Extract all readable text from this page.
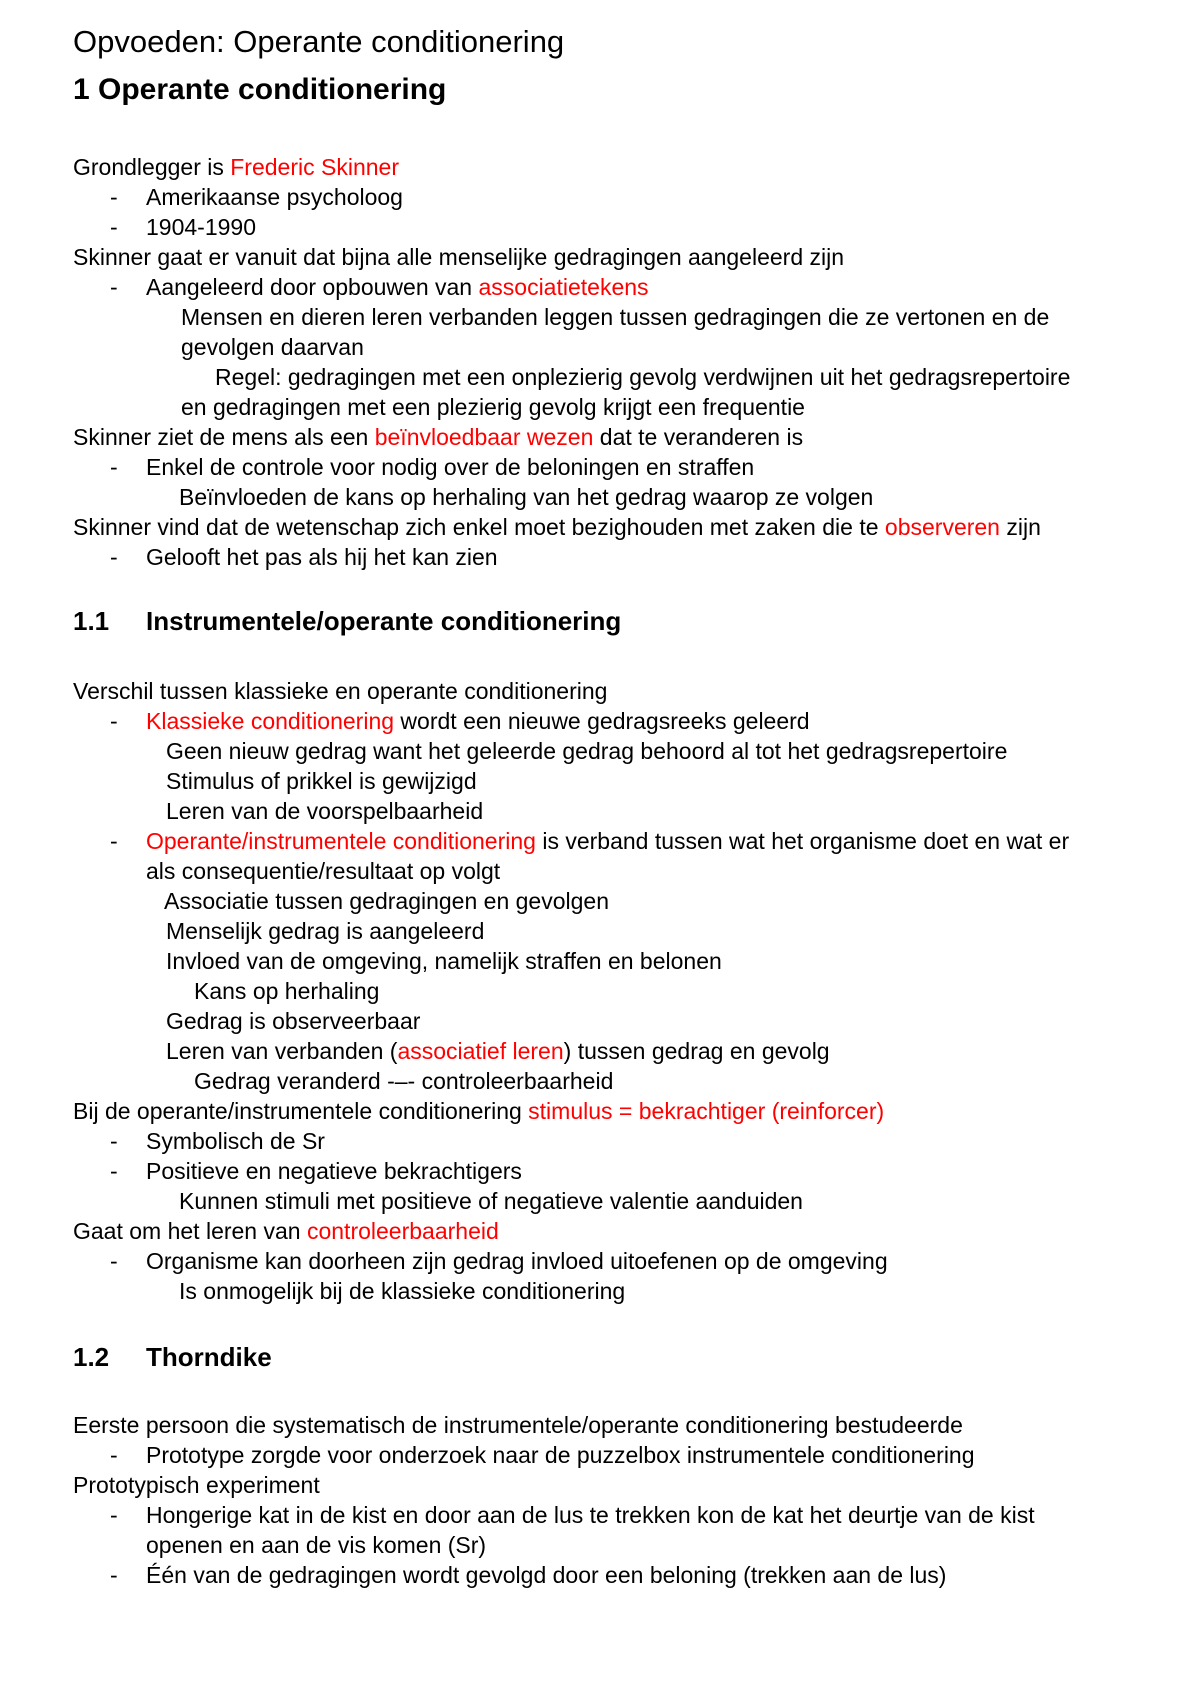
Opvoeden: Operante conditionering
1 Operante conditionering
Grondlegger is Frederic Skinner
- Amerikaanse psycholoog
- 1904-1990
Skinner gaat er vanuit dat bijna alle menselijke gedragingen aangeleerd zijn
- Aangeleerd door opbouwen van associatietekens
Mensen en dieren leren verbanden leggen tussen gedragingen die ze vertonen en de
gevolgen daarvan
Regel: gedragingen met een onplezierig gevolg verdwijnen uit het gedragsrepertoire
en gedragingen met een plezierig gevolg krijgt een frequentie
Skinner ziet de mens als een beïnvloedbaar wezen dat te veranderen is
- Enkel de controle voor nodig over de beloningen en straffen
Beïnvloeden de kans op herhaling van het gedrag waarop ze volgen
Skinner vind dat de wetenschap zich enkel moet bezighouden met zaken die te observeren zijn
- Gelooft het pas als hij het kan zien
1.1 Instrumentele/operante conditionering
Verschil tussen klassieke en operante conditionering
- Klassieke conditionering wordt een nieuwe gedragsreeks geleerd
Geen nieuw gedrag want het geleerde gedrag behoord al tot het gedragsrepertoire
Stimulus of prikkel is gewijzigd
Leren van de voorspelbaarheid
- Operante/instrumentele conditionering is verband tussen wat het organisme doet en wat er
als consequentie/resultaat op volgt
Associatie tussen gedragingen en gevolgen
Menselijk gedrag is aangeleerd
Invloed van de omgeving, namelijk straffen en belonen
Kans op herhaling
Gedrag is observeerbaar
Leren van verbanden (associatief leren) tussen gedrag en gevolg
Gedrag veranderd -–- controleerbaarheid
Bij de operante/instrumentele conditionering stimulus = bekrachtiger (reinforcer)
- Symbolisch de Sr
- Positieve en negatieve bekrachtigers
Kunnen stimuli met positieve of negatieve valentie aanduiden
Gaat om het leren van controleerbaarheid
- Organisme kan doorheen zijn gedrag invloed uitoefenen op de omgeving
Is onmogelijk bij de klassieke conditionering
1.2 Thorndike
Eerste persoon die systematisch de instrumentele/operante conditionering bestudeerde
- Prototype zorgde voor onderzoek naar de puzzelbox instrumentele conditionering
Prototypisch experiment
- Hongerige kat in de kist en door aan de lus te trekken kon de kat het deurtje van de kist
openen en aan de vis komen (Sr)
- Één van de gedragingen wordt gevolgd door een beloning (trekken aan de lus)
